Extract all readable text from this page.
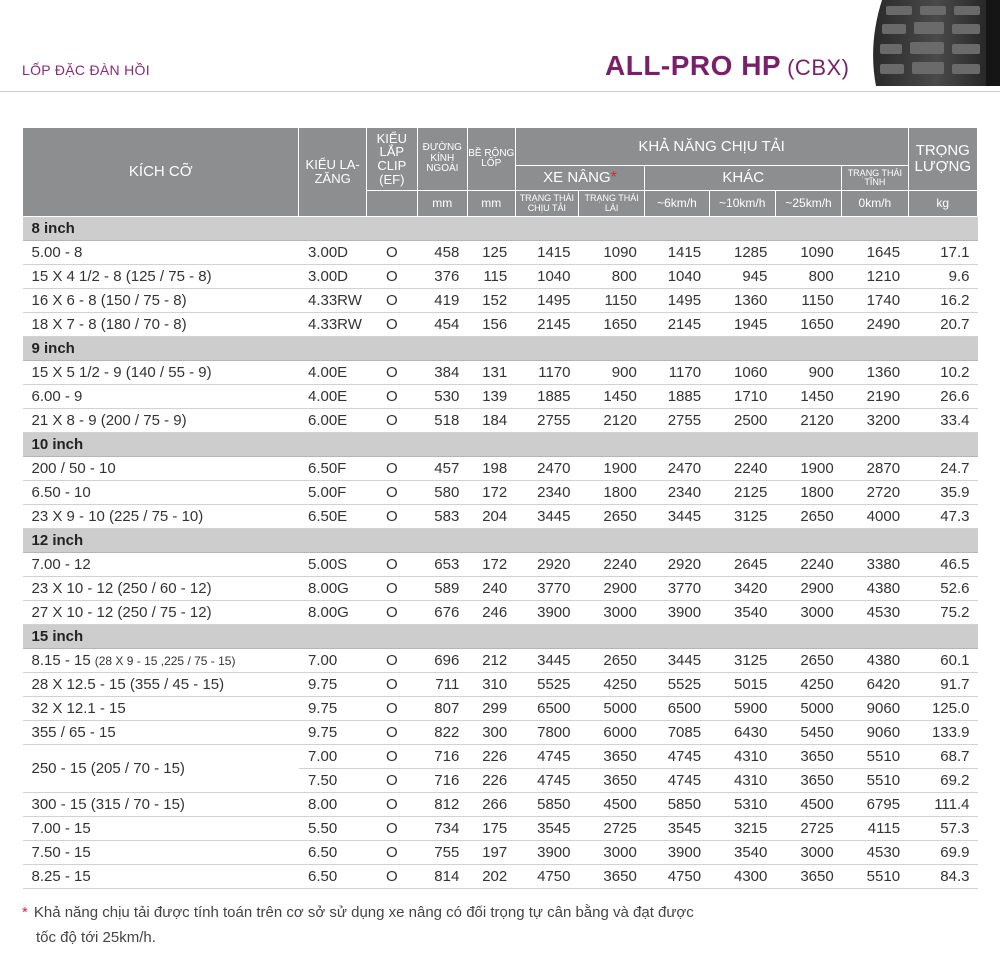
LỐP ĐẶC ĐÀN HỒI	ALL-PRO HP (CBX)
KÍCH CỠ	KIỂU LA-ZĂNG	KIỂU LẮP CLIP (EF)	ĐƯỜNG KÍNH NGOÀI	BỀ RỘNG LỐP	KHẢ NĂNG CHỊU TẢI						TRỌNG LƯỢNG
					XE NÂNG*		KHÁC			TRẠNG THÁI TĨNH	
			mm	mm	TRẠNG THÁI CHỊU TẢI	TRẠNG THÁI LÁI	~6km/h	~10km/h	~25km/h	0km/h	kg
8 inch											
5.00 - 8	3.00D	O	458	125	1415	1090	1415	1285	1090	1645	17.1
15 X 4 1/2 - 8 (125 / 75 - 8)	3.00D	O	376	115	1040	800	1040	945	800	1210	9.6
16 X 6 - 8 (150 / 75 - 8)	4.33RW	O	419	152	1495	1150	1495	1360	1150	1740	16.2
18 X 7 - 8 (180 / 70 - 8)	4.33RW	O	454	156	2145	1650	2145	1945	1650	2490	20.7
9 inch											
15 X 5 1/2 - 9 (140 / 55 - 9)	4.00E	O	384	131	1170	900	1170	1060	900	1360	10.2
6.00 - 9	4.00E	O	530	139	1885	1450	1885	1710	1450	2190	26.6
21 X 8 - 9 (200 / 75 - 9)	6.00E	O	518	184	2755	2120	2755	2500	2120	3200	33.4
10 inch											
200 / 50 - 10	6.50F	O	457	198	2470	1900	2470	2240	1900	2870	24.7
6.50 - 10	5.00F	O	580	172	2340	1800	2340	2125	1800	2720	35.9
23 X 9 - 10 (225 / 75 - 10)	6.50E	O	583	204	3445	2650	3445	3125	2650	4000	47.3
12 inch											
7.00 - 12	5.00S	O	653	172	2920	2240	2920	2645	2240	3380	46.5
23 X 10 - 12 (250 / 60 - 12)	8.00G	O	589	240	3770	2900	3770	3420	2900	4380	52.6
27 X 10 - 12 (250 / 75 - 12)	8.00G	O	676	246	3900	3000	3900	3540	3000	4530	75.2
15 inch											
8.15 - 15 (28 X 9 - 15 ,225 / 75 - 15)	7.00	O	696	212	3445	2650	3445	3125	2650	4380	60.1
28 X 12.5 - 15 (355 / 45 - 15)	9.75	O	711	310	5525	4250	5525	5015	4250	6420	91.7
32 X 12.1 - 15	9.75	O	807	299	6500	5000	6500	5900	5000	9060	125.0
355 / 65 - 15	9.75	O	822	300	7800	6000	7085	6430	5450	9060	133.9
250 - 15 (205 / 70 - 15)	7.00	O	716	226	4745	3650	4745	4310	3650	5510	68.7
	7.50	O	716	226	4745	3650	4745	4310	3650	5510	69.2
300 - 15 (315 / 70 - 15)	8.00	O	812	266	5850	4500	5850	5310	4500	6795	111.4
7.00 - 15	5.50	O	734	175	3545	2725	3545	3215	2725	4115	57.3
7.50 - 15	6.50	O	755	197	3900	3000	3900	3540	3000	4530	69.9
8.25 - 15	6.50	O	814	202	4750	3650	4750	4300	3650	5510	84.3
* Khả năng chịu tải được tính toán trên cơ sở sử dụng xe nâng có đối trọng tự cân bằng và đạt được
tốc độ tới 25km/h.
